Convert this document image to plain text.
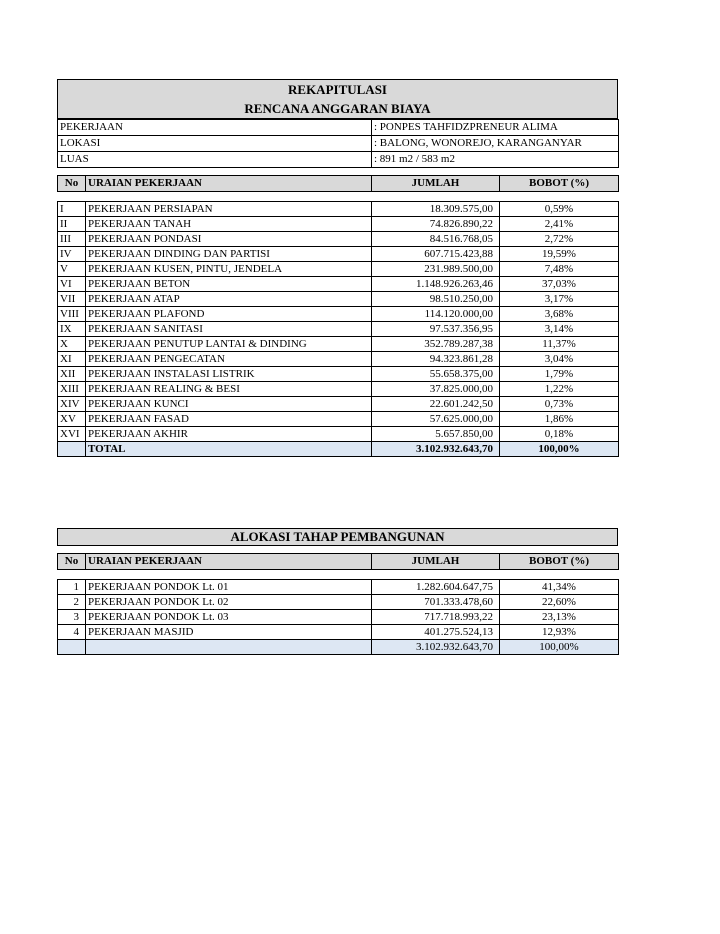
REKAPITULASI
RENCANA ANGGARAN BIAYA
PEKERJAAN	: PONPES TAHFIDZPRENEUR ALIMA
LOKASI	: BALONG, WONOREJO, KARANGANYAR
LUAS	: 891 m2 / 583 m2
No	URAIAN PEKERJAAN	JUMLAH	BOBOT (%)
I	PEKERJAAN PERSIAPAN	18.309.575,00	0,59%
II	PEKERJAAN TANAH	74.826.890,22	2,41%
III	PEKERJAAN PONDASI	84.516.768,05	2,72%
IV	PEKERJAAN DINDING DAN PARTISI	607.715.423,88	19,59%
V	PEKERJAAN KUSEN, PINTU, JENDELA	231.989.500,00	7,48%
VI	PEKERJAAN BETON	1.148.926.263,46	37,03%
VII	PEKERJAAN ATAP	98.510.250,00	3,17%
VIII	PEKERJAAN PLAFOND	114.120.000,00	3,68%
IX	PEKERJAAN SANITASI	97.537.356,95	3,14%
X	PEKERJAAN PENUTUP LANTAI & DINDING	352.789.287,38	11,37%
XI	PEKERJAAN PENGECATAN	94.323.861,28	3,04%
XII	PEKERJAAN INSTALASI LISTRIK	55.658.375,00	1,79%
XIII	PEKERJAAN REALING & BESI	37.825.000,00	1,22%
XIV	PEKERJAAN KUNCI	22.601.242,50	0,73%
XV	PEKERJAAN FASAD	57.625.000,00	1,86%
XVI	PEKERJAAN AKHIR	5.657.850,00	0,18%
	TOTAL	3.102.932.643,70	100,00%
ALOKASI TAHAP PEMBANGUNAN
No	URAIAN PEKERJAAN	JUMLAH	BOBOT (%)
1	PEKERJAAN PONDOK Lt. 01	1.282.604.647,75	41,34%
2	PEKERJAAN PONDOK Lt. 02	701.333.478,60	22,60%
3	PEKERJAAN PONDOK Lt. 03	717.718.993,22	23,13%
4	PEKERJAAN MASJID	401.275.524,13	12,93%
		3.102.932.643,70	100,00%
